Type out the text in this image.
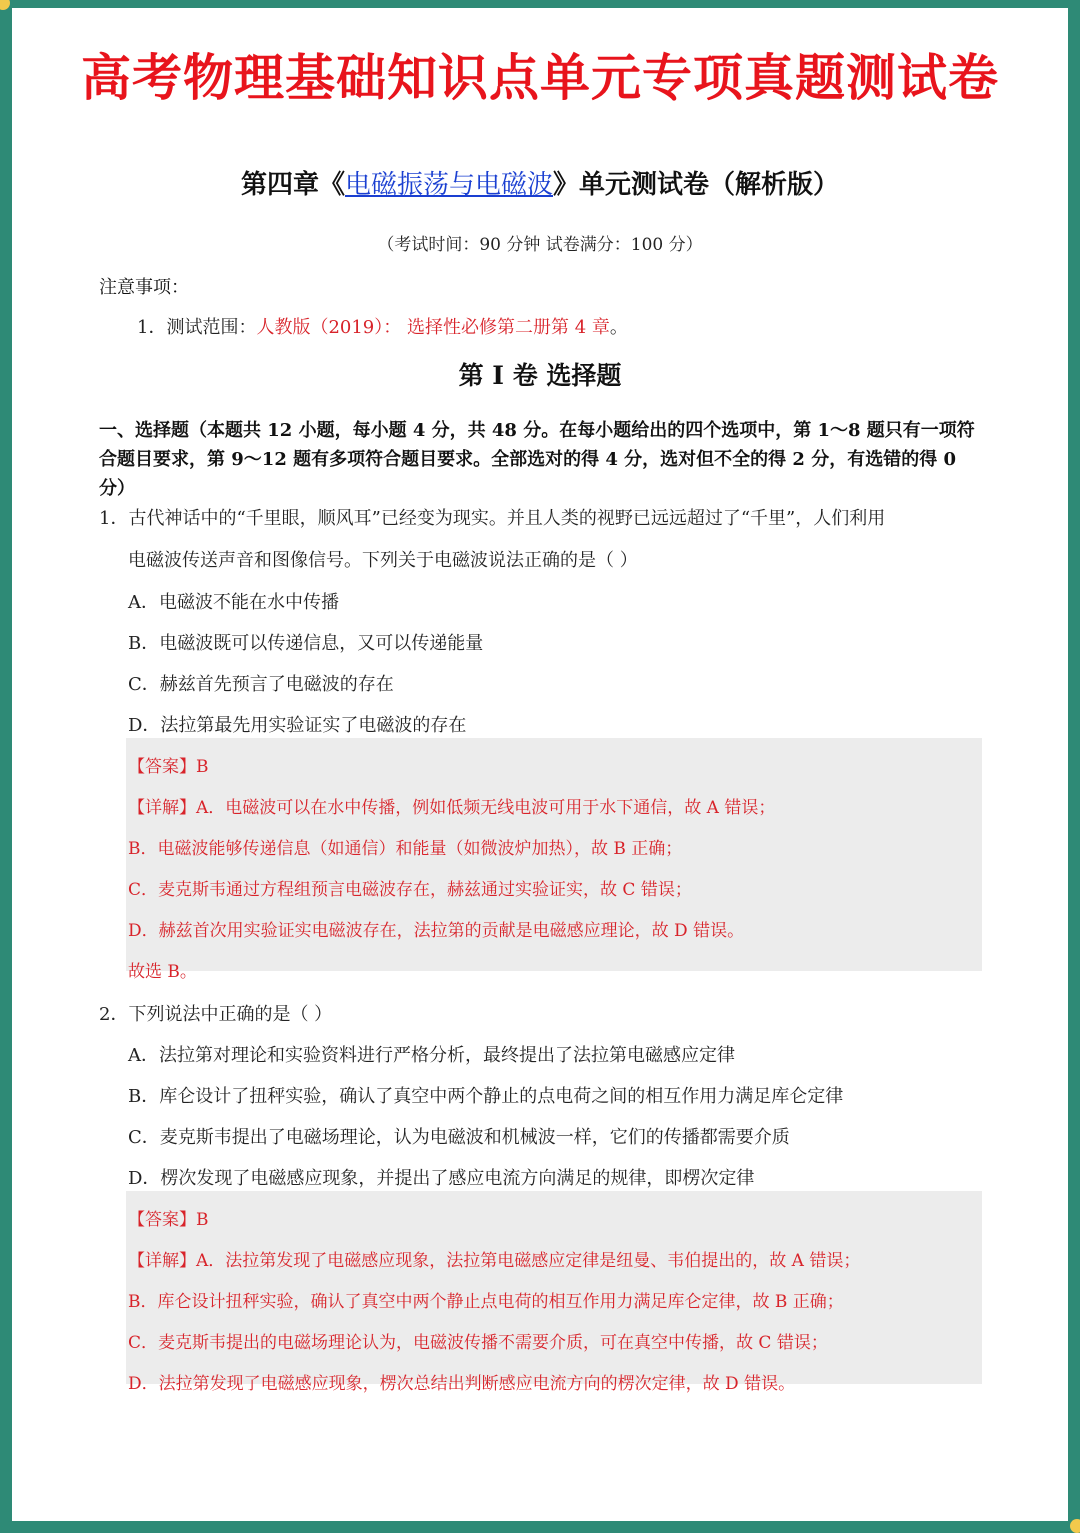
高考物理基础知识点单元专项真题测试卷
第四章《电磁振荡与电磁波》单元测试卷（解析版）
（考试时间：90 分钟 试卷满分：100 分）
注意事项：
1．测试范围：人教版（2019）： 选择性必修第二册第 4 章。
第 I 卷 选择题
一、选择题（本题共 12 小题，每小题 4 分，共 48 分。在每小题给出的四个选项中，第 1～8 题只有一项符合题目要求，第 9～12 题有多项符合题目要求。全部选对的得 4 分，选对但不全的得 2 分，有选错的得 0 分）
1．古代神话中的“千里眼，顺风耳”已经变为现实。并且人类的视野已远远超过了“千里”，人们利用
电磁波传送声音和图像信号。下列关于电磁波说法正确的是（ ）
A．电磁波不能在水中传播
B．电磁波既可以传递信息，又可以传递能量
C．赫兹首先预言了电磁波的存在
D．法拉第最先用实验证实了电磁波的存在
【答案】B
【详解】A．电磁波可以在水中传播，例如低频无线电波可用于水下通信，故 A 错误；
B．电磁波能够传递信息（如通信）和能量（如微波炉加热），故 B 正确；
C．麦克斯韦通过方程组预言电磁波存在，赫兹通过实验证实，故 C 错误；
D．赫兹首次用实验证实电磁波存在，法拉第的贡献是电磁感应理论，故 D 错误。
故选 B。
2．下列说法中正确的是（ ）
A．法拉第对理论和实验资料进行严格分析，最终提出了法拉第电磁感应定律
B．库仑设计了扭秤实验，确认了真空中两个静止的点电荷之间的相互作用力满足库仑定律
C．麦克斯韦提出了电磁场理论，认为电磁波和机械波一样，它们的传播都需要介质
D．楞次发现了电磁感应现象，并提出了感应电流方向满足的规律，即楞次定律
【答案】B
【详解】A．法拉第发现了电磁感应现象，法拉第电磁感应定律是纽曼、韦伯提出的，故 A 错误；
B．库仑设计扭秤实验，确认了真空中两个静止点电荷的相互作用力满足库仑定律，故 B 正确；
C．麦克斯韦提出的电磁场理论认为，电磁波传播不需要介质，可在真空中传播，故 C 错误；
D．法拉第发现了电磁感应现象，楞次总结出判断感应电流方向的楞次定律，故 D 错误。
